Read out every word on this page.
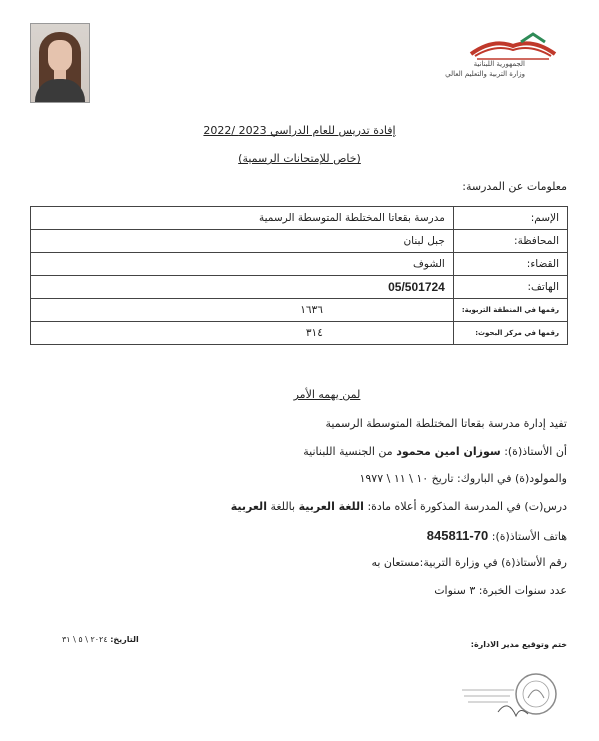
الجمهورية اللبنانية
وزارة التربية والتعليم العالي
إفادة تدريس للعام الدراسي 2023 /2022
(خاص للإمتحانات الرسمية)
معلومات عن المدرسة:
الإسم:	مدرسة بقعاتا المختلطة المتوسطة الرسمية
المحافظة:	جبل لبنان
القضاء:	الشوف
الهاتف:	05/501724
رقمها في المنطقة التربوية:	١٦٣٦
رقمها في مركز البحوث:	٣١٤
لمن يهمه الأمر
تفيد إدارة مدرسة بقعاتا المختلطة المتوسطة الرسمية
أن الأستاذ(ة): سوزان امين محمود من الجنسية اللبنانية
والمولود(ة) في الباروك: تاريخ ١٠ \ ١١ \ ١٩٧٧
درس(ت) في المدرسة المذكورة أعلاه مادة: اللغة العربية باللغة العربية
هاتف الأستاذ(ة): 70-845811
رقم الأستاذ(ة) في وزارة التربية:مستعان به
عدد سنوات الخبرة: ٣ سنوات
ختم وتوقيع مدير الادارة:
التاريخ: ٢٠٢٤ \ ٥ \ ٣١
